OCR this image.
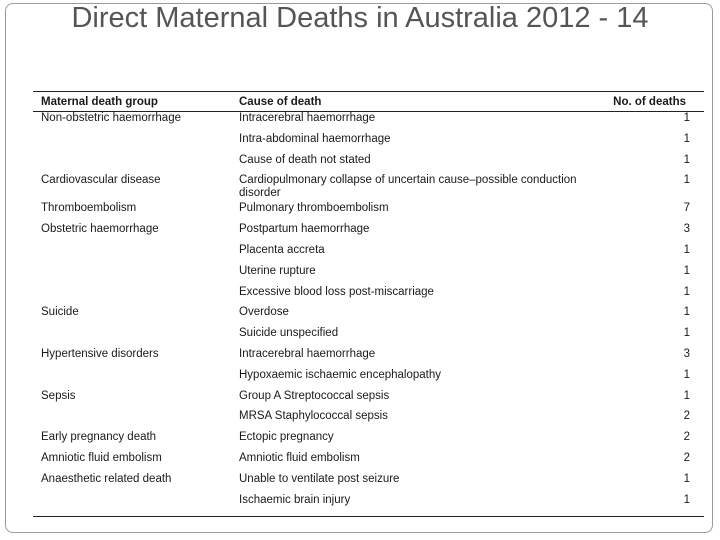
Direct Maternal Deaths in Australia 2012 - 14
Maternal death group	Cause of death	No. of deaths
Non-obstetric haemorrhage	Intracerebral haemorrhage	1
	Intra-abdominal haemorrhage	1
	Cause of death not stated	1
Cardiovascular disease	Cardiopulmonary collapse of uncertain cause–possible conduction disorder	1
Thromboembolism	Pulmonary thromboembolism	7
Obstetric haemorrhage	Postpartum haemorrhage	3
	Placenta accreta	1
	Uterine rupture	1
	Excessive blood loss post-miscarriage	1
Suicide	Overdose	1
	Suicide unspecified	1
Hypertensive disorders	Intracerebral haemorrhage	3
	Hypoxaemic ischaemic encephalopathy	1
Sepsis	Group A Streptococcal sepsis	1
	MRSA Staphylococcal sepsis	2
Early pregnancy death	Ectopic pregnancy	2
Amniotic fluid embolism	Amniotic fluid embolism	2
Anaesthetic related death	Unable to ventilate post seizure	1
	Ischaemic brain injury	1
